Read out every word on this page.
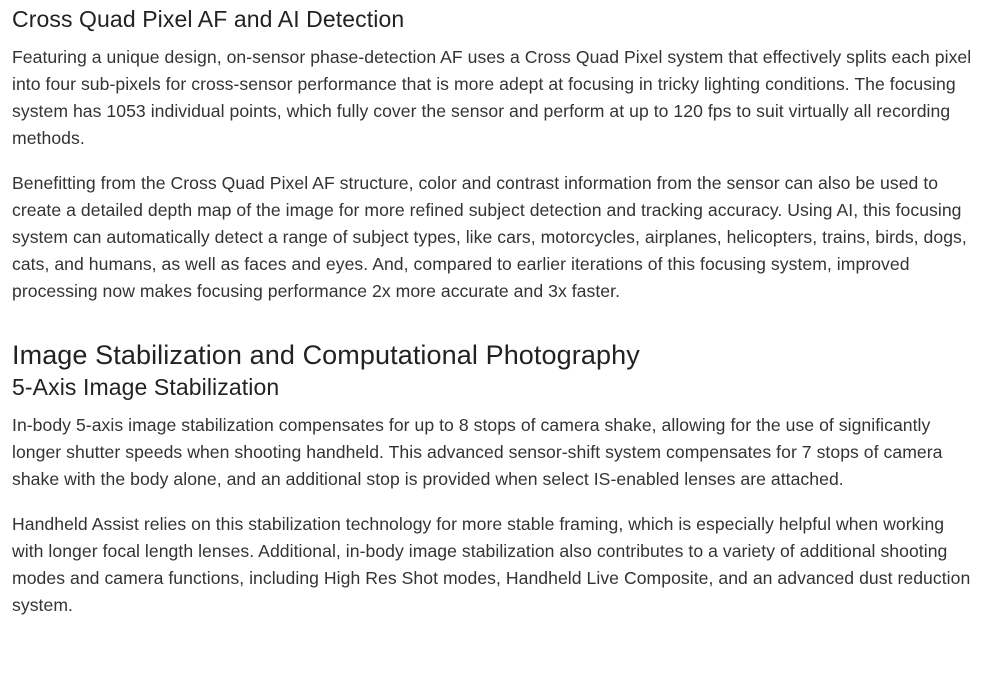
Cross Quad Pixel AF and AI Detection

Featuring a unique design, on-sensor phase-detection AF uses a Cross Quad Pixel system that effectively splits each pixel into four sub-pixels for cross-sensor performance that is more adept at focusing in tricky lighting conditions. The focusing system has 1053 individual points, which fully cover the sensor and perform at up to 120 fps to suit virtually all recording methods.

Benefitting from the Cross Quad Pixel AF structure, color and contrast information from the sensor can also be used to create a detailed depth map of the image for more refined subject detection and tracking accuracy. Using AI, this focusing system can automatically detect a range of subject types, like cars, motorcycles, airplanes, helicopters, trains, birds, dogs, cats, and humans, as well as faces and eyes. And, compared to earlier iterations of this focusing system, improved processing now makes focusing performance 2x more accurate and 3x faster.

Image Stabilization and Computational Photography
5-Axis Image Stabilization

In-body 5-axis image stabilization compensates for up to 8 stops of camera shake, allowing for the use of significantly longer shutter speeds when shooting handheld. This advanced sensor-shift system compensates for 7 stops of camera shake with the body alone, and an additional stop is provided when select IS-enabled lenses are attached.

Handheld Assist relies on this stabilization technology for more stable framing, which is especially helpful when working with longer focal length lenses. Additional, in-body image stabilization also contributes to a variety of additional shooting modes and camera functions, including High Res Shot modes, Handheld Live Composite, and an advanced dust reduction system.
